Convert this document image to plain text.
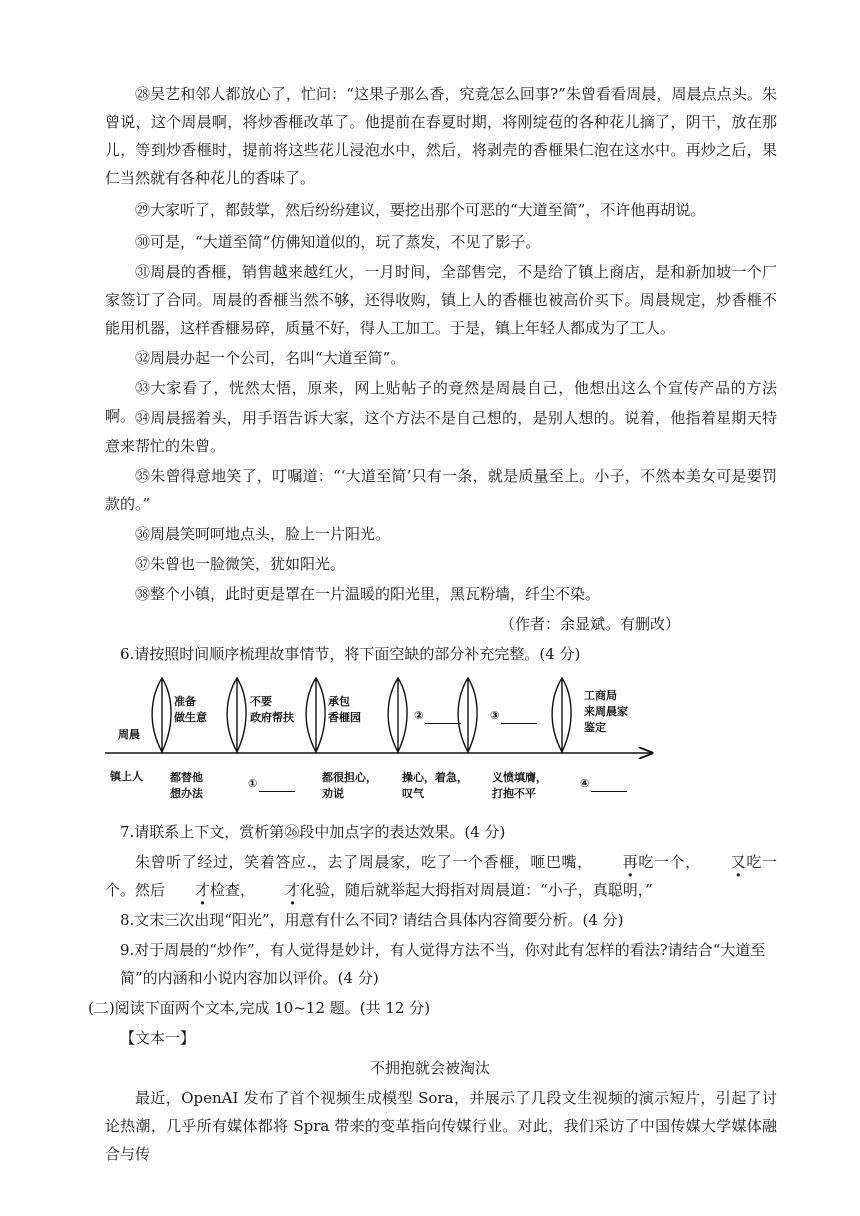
㉘吴艺和邻人都放心了，忙问：“这果子那么香，究竟怎么回事?”朱曾看看周晨，周晨点点头。朱曾说，这个周晨啊，将炒香榧改革了。他提前在春夏时期，将刚绽苞的各种花儿摘了，阴干，放在那儿，等到炒香榧时，提前将这些花儿浸泡水中，然后，将剥壳的香榧果仁泡在这水中。再炒之后，果仁当然就有各种花儿的香味了。

㉙大家听了，都鼓掌，然后纷纷建议，要挖出那个可恶的“大道至简”，不许他再胡说。

㉚可是，“大道至简”仿佛知道似的，玩了蒸发，不见了影子。

㉛周晨的香榧，销售越来越红火，一月时间，全部售完，不是给了镇上商店，是和新加坡一个厂家签订了合同。周晨的香榧当然不够，还得收购，镇上人的香榧也被高价买下。周晨规定，炒香榧不能用机器，这样香榧易碎，质量不好，得人工加工。于是，镇上年轻人都成为了工人。

㉜周晨办起一个公司，名叫“大道至简”。

㉝大家看了，恍然太悟，原来，网上贴帖子的竟然是周晨自己，他想出这么个宣传产品的方法啊。 ㉞周晨摇着头，用手语告诉大家，这个方法不是自己想的，是别人想的。说着，他指着星期天特意来帮忙的朱曾。

㉟朱曾得意地笑了，叮嘱道：“‘大道至简’只有一条，就是质量至上。小子，不然本美女可是要罚款的。”

㊱周晨笑呵呵地点头，脸上一片阳光。

㊲朱曾也一脸微笑，犹如阳光。

㊳整个小镇，此时更是罩在一片温暖的阳光里，黑瓦粉墙，纤尘不染。

（作者：余显斌。有删改）

6.请按照时间顺序梳理故事情节，将下面空缺的部分补充完整。(4 分)

周晨
镇上人
准备
做生意
不要
政府帮扶
承包
香榧园	②	③
工商局
来周晨家
鉴定
都替他
想办法
①	都很担心，
劝说
操心，着急，
叹气
义愤填膺，
打抱不平
④

7.请联系上下文，赏析第㉖段中加点字的表达效果。(4 分)

朱曾听了经过，笑着答应.，去了周晨家，吃了一个香榧，咂巴嘴， 再吃一个， 又吃一个。然后 才检查， 才化验，随后就举起大拇指对周晨道：“小子，真聪明，”

8.文末三次出现“阳光”，用意有什么不同? 请结合具体内容简要分析。(4 分)

9.对于周晨的“炒作”，有人觉得是妙计，有人觉得方法不当，你对此有怎样的看法?请结合“大道至简”的内涵和小说内容加以评价。(4 分)

(二)阅读下面两个文本,完成 10~12 题。(共 12 分)

【文本一】

不拥抱就会被淘汰

最近，OpenAI 发布了首个视频生成模型 Sora，并展示了几段文生视频的演示短片，引起了讨论热潮，几乎所有媒体都将 Spra 带来的变革指向传媒行业。对此，我们采访了中国传媒大学媒体融合与传
